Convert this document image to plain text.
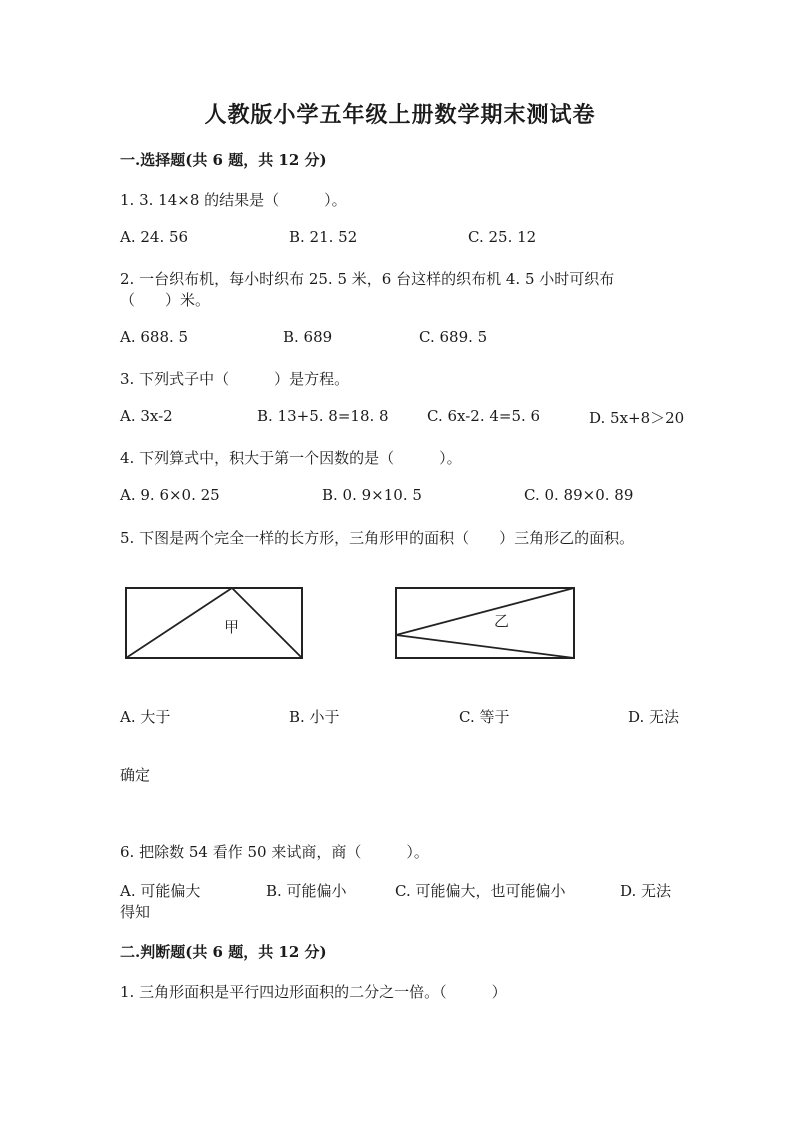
人教版小学五年级上册数学期末测试卷
一.选择题(共 6 题，共 12 分)
1. 3. 14×8 的结果是（　　　）。
A. 24. 56	B. 21. 52	C. 25. 12
2. 一台织布机，每小时织布 25. 5 米，6 台这样的织布机 4. 5 小时可织布
（　　）米。
A. 688. 5	B. 689	C. 689. 5
3. 下列式子中（　　　）是方程。
A. 3x-2	B. 13+5. 8=18. 8	C. 6x-2. 4=5. 6	D. 5x+8＞20
4. 下列算式中，积大于第一个因数的是（　　　）。
A. 9. 6×0. 25	B. 0. 9×10. 5	C. 0. 89×0. 89
5. 下图是两个完全一样的长方形，三角形甲的面积（　　）三角形乙的面积。
甲	乙
A. 大于	B. 小于	C. 等于	D. 无法
确定
6. 把除数 54 看作 50 来试商，商（　　　）。
A. 可能偏大	B. 可能偏小	C. 可能偏大，也可能偏小	D. 无法
得知
二.判断题(共 6 题，共 12 分)
1. 三角形面积是平行四边形面积的二分之一倍。（　　　）
